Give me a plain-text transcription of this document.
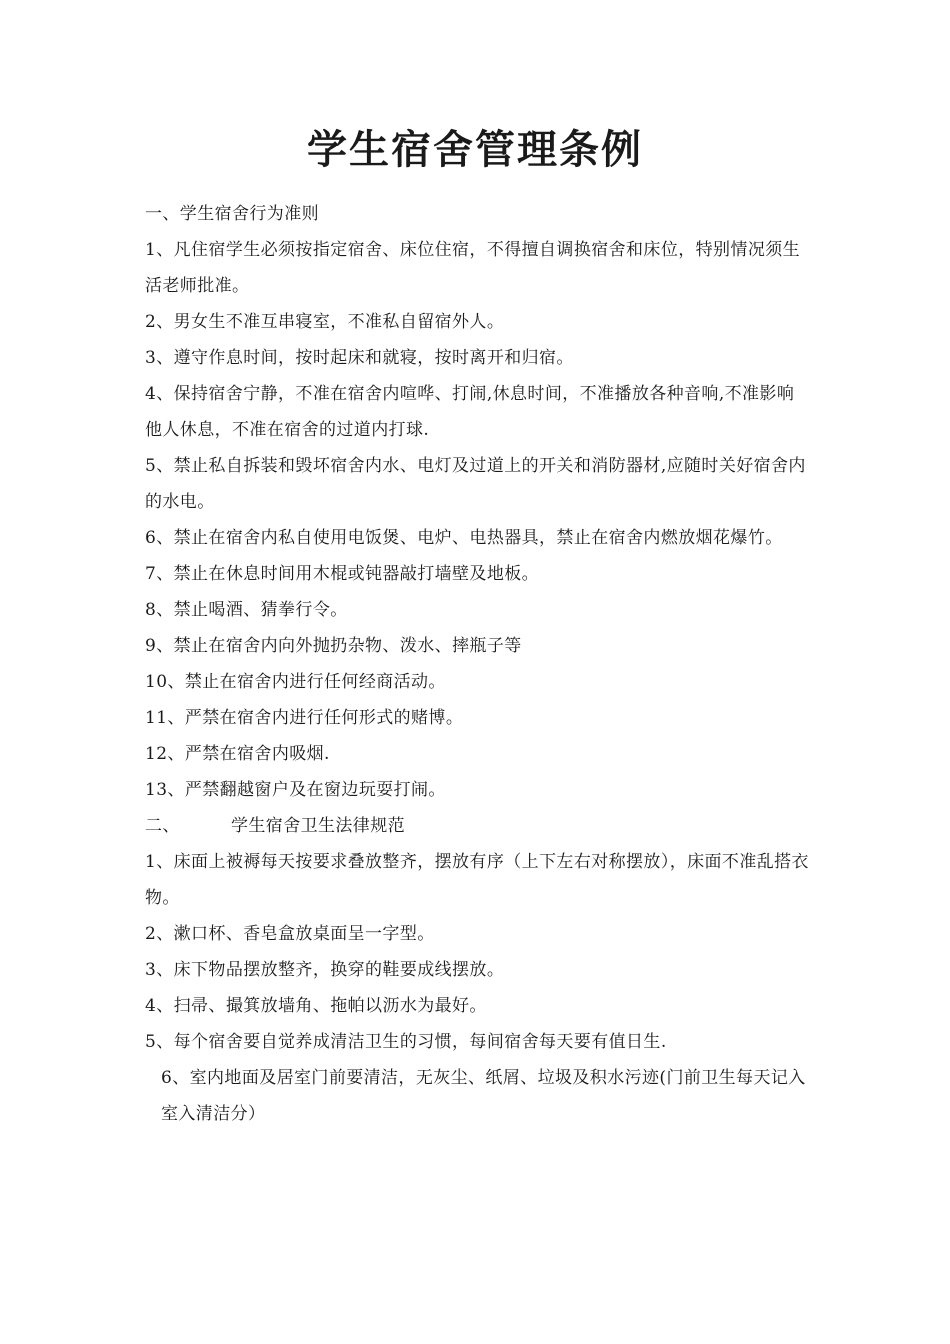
学生宿舍管理条例

一、学生宿舍行为准则

1、凡住宿学生必须按指定宿舍、床位住宿，不得擅自调换宿舍和床位，特别情况须生活老师批准。

2、男女生不准互串寝室，不准私自留宿外人。

3、遵守作息时间，按时起床和就寝，按时离开和归宿。

4、保持宿舍宁静，不准在宿舍内喧哗、打闹,休息时间，不准播放各种音响,不准影响他人休息，不准在宿舍的过道内打球.

5、禁止私自拆装和毁坏宿舍内水、电灯及过道上的开关和消防器材,应随时关好宿舍内的水电。

6、禁止在宿舍内私自使用电饭煲、电炉、电热器具，禁止在宿舍内燃放烟花爆竹。

7、禁止在休息时间用木棍或钝器敲打墙壁及地板。

8、禁止喝酒、猜拳行令。

9、禁止在宿舍内向外抛扔杂物、泼水、摔瓶子等

10、禁止在宿舍内进行任何经商活动。

11、严禁在宿舍内进行任何形式的赌博。

12、严禁在宿舍内吸烟.

13、严禁翻越窗户及在窗边玩耍打闹。

二、	学生宿舍卫生法律规范

1、床面上被褥每天按要求叠放整齐，摆放有序（上下左右对称摆放），床面不准乱搭衣物。

2、漱口杯、香皂盒放桌面呈一字型。

3、床下物品摆放整齐，换穿的鞋要成线摆放。

4、扫帚、撮箕放墙角、拖帕以沥水为最好。

5、每个宿舍要自觉养成清洁卫生的习惯，每间宿舍每天要有值日生.

6、室内地面及居室门前要清洁，无灰尘、纸屑、垃圾及积水污迹(门前卫生每天记入室入清洁分）
